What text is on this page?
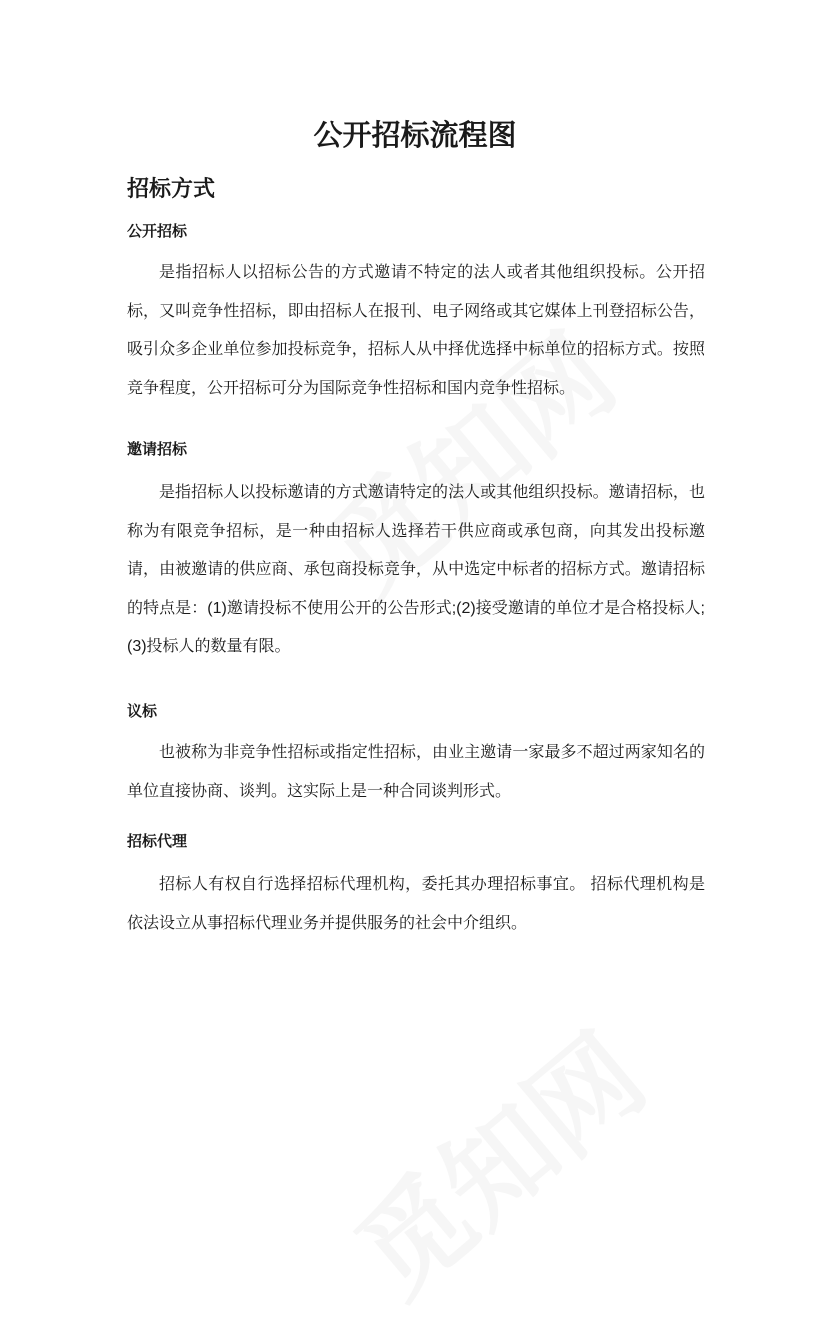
公开招标流程图
招标方式
公开招标

是指招标人以招标公告的方式邀请不特定的法人或者其他组织投标。公开招标，又叫竞争性招标，即由招标人在报刊、电子网络或其它媒体上刊登招标公告，吸引众多企业单位参加投标竞争，招标人从中择优选择中标单位的招标方式。按照竞争程度，公开招标可分为国际竞争性招标和国内竞争性招标。

邀请招标

是指招标人以投标邀请的方式邀请特定的法人或其他组织投标。邀请招标，也称为有限竞争招标，是一种由招标人选择若干供应商或承包商，向其发出投标邀请，由被邀请的供应商、承包商投标竞争，从中选定中标者的招标方式。邀请招标的特点是：(1)邀请投标不使用公开的公告形式;(2)接受邀请的单位才是合格投标人;(3)投标人的数量有限。

议标

也被称为非竞争性招标或指定性招标，由业主邀请一家最多不超过两家知名的单位直接协商、谈判。这实际上是一种合同谈判形式。

招标代理

招标人有权自行选择招标代理机构，委托其办理招标事宜。 招标代理机构是依法设立从事招标代理业务并提供服务的社会中介组织。
